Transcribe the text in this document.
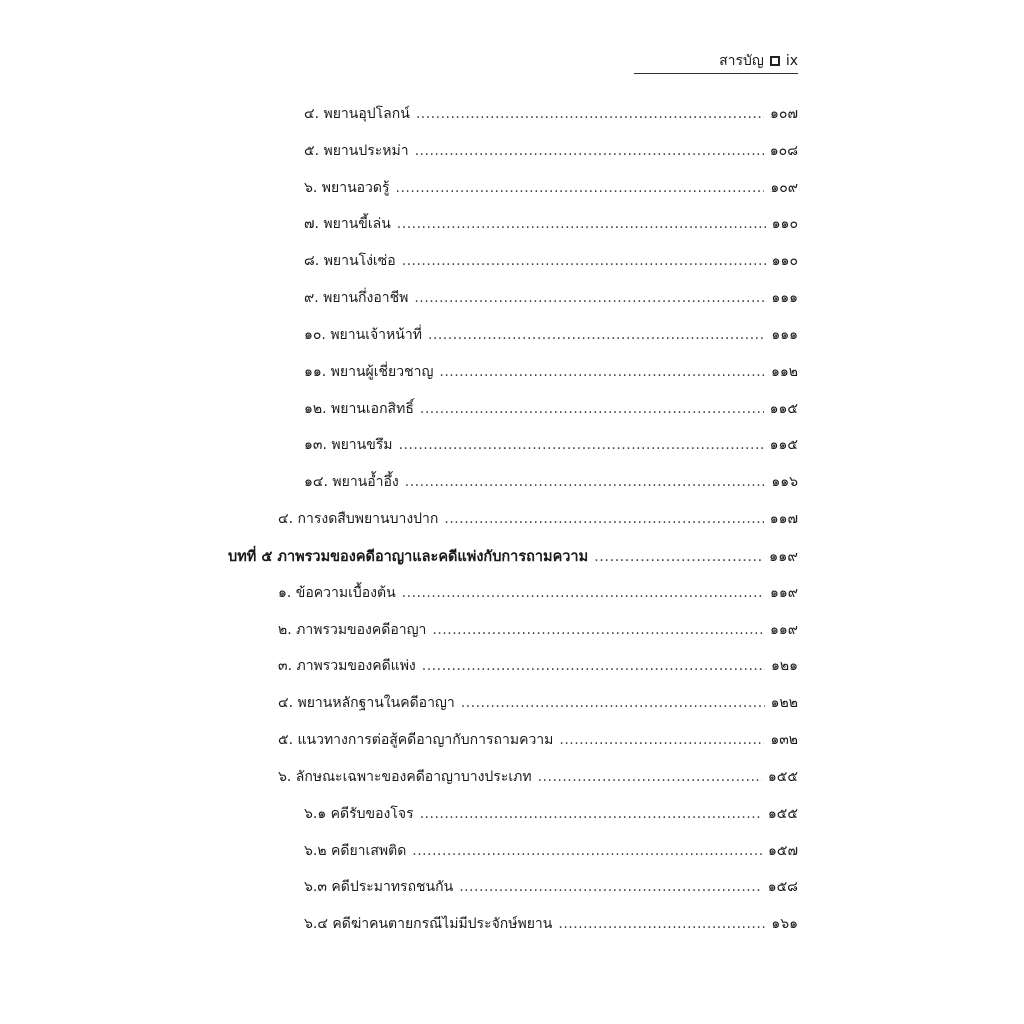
สารบัญ ix
๔. พยานอุปโลกน์ .....	๑๐๗
๕. พยานประหม่า .....	๑๐๘
๖. พยานอวดรู้ .....	๑๐๙
๗. พยานขี้เล่น .....	๑๑๐
๘. พยานโง่เซ่อ .....	๑๑๐
๙. พยานกึ่งอาชีพ .....	๑๑๑
๑๐. พยานเจ้าหน้าที่ .....	๑๑๑
๑๑. พยานผู้เชี่ยวชาญ .....	๑๑๒
๑๒. พยานเอกสิทธิ์ .....	๑๑๕
๑๓. พยานขรึม .....	๑๑๕
๑๔. พยานอ้ำอึ้ง .....	๑๑๖
๔. การงดสืบพยานบางปาก .....	๑๑๗
บทที่ ๕ ภาพรวมของคดีอาญาและคดีแพ่งกับการถามความ .....	๑๑๙
๑. ข้อความเบื้องต้น .....	๑๑๙
๒. ภาพรวมของคดีอาญา .....	๑๑๙
๓. ภาพรวมของคดีแพ่ง .....	๑๒๑
๔. พยานหลักฐานในคดีอาญา .....	๑๒๒
๕. แนวทางการต่อสู้คดีอาญากับการถามความ .....	๑๓๒
๖. ลักษณะเฉพาะของคดีอาญาบางประเภท .....	๑๕๕
๖.๑ คดีรับของโจร .....	๑๕๕
๖.๒ คดียาเสพติด .....	๑๕๗
๖.๓ คดีประมาทรถชนกัน .....	๑๕๘
๖.๔ คดีฆ่าคนตายกรณีไม่มีประจักษ์พยาน .....	๑๖๑
